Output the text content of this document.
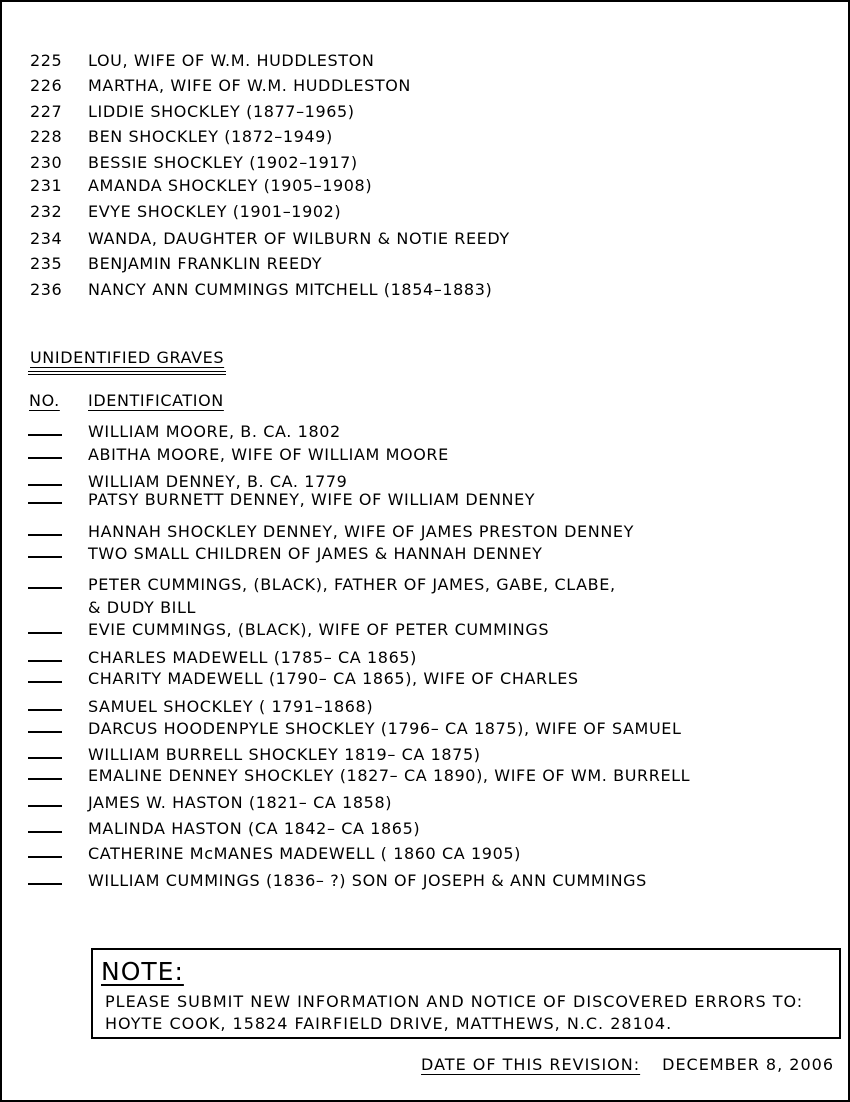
225 LOU, WIFE OF W.M. HUDDLESTON
226 MARTHA, WIFE OF W.M. HUDDLESTON
227 LIDDIE SHOCKLEY (1877–1965)
228 BEN SHOCKLEY (1872–1949)
230 BESSIE SHOCKLEY (1902–1917)
231 AMANDA SHOCKLEY (1905–1908)
232 EVYE SHOCKLEY (1901–1902)
234 WANDA, DAUGHTER OF WILBURN & NOTIE REEDY
235 BENJAMIN FRANKLIN REEDY
236 NANCY ANN CUMMINGS MITCHELL (1854–1883)
UNIDENTIFIED GRAVES
NO. IDENTIFICATION
WILLIAM MOORE, B. CA. 1802
ABITHA MOORE, WIFE OF WILLIAM MOORE
WILLIAM DENNEY, B. CA. 1779
PATSY BURNETT DENNEY, WIFE OF WILLIAM DENNEY
HANNAH SHOCKLEY DENNEY, WIFE OF JAMES PRESTON DENNEY
TWO SMALL CHILDREN OF JAMES & HANNAH DENNEY
PETER CUMMINGS, (BLACK), FATHER OF JAMES, GABE, CLABE,
& DUDY BILL
EVIE CUMMINGS, (BLACK), WIFE OF PETER CUMMINGS
CHARLES MADEWELL (1785– CA 1865)
CHARITY MADEWELL (1790– CA 1865), WIFE OF CHARLES
SAMUEL SHOCKLEY ( 1791–1868)
DARCUS HOODENPYLE SHOCKLEY (1796– CA 1875), WIFE OF SAMUEL
WILLIAM BURRELL SHOCKLEY 1819– CA 1875)
EMALINE DENNEY SHOCKLEY (1827– CA 1890), WIFE OF WM. BURRELL
JAMES W. HASTON (1821– CA 1858)
MALINDA HASTON (CA 1842– CA 1865)
CATHERINE McMANES MADEWELL ( 1860 CA 1905)
WILLIAM CUMMINGS (1836– ?) SON OF JOSEPH & ANN CUMMINGS
NOTE:
PLEASE SUBMIT NEW INFORMATION AND NOTICE OF DISCOVERED ERRORS TO:
HOYTE COOK, 15824 FAIRFIELD DRIVE, MATTHEWS, N.C. 28104.
DATE OF THIS REVISION: DECEMBER 8, 2006
